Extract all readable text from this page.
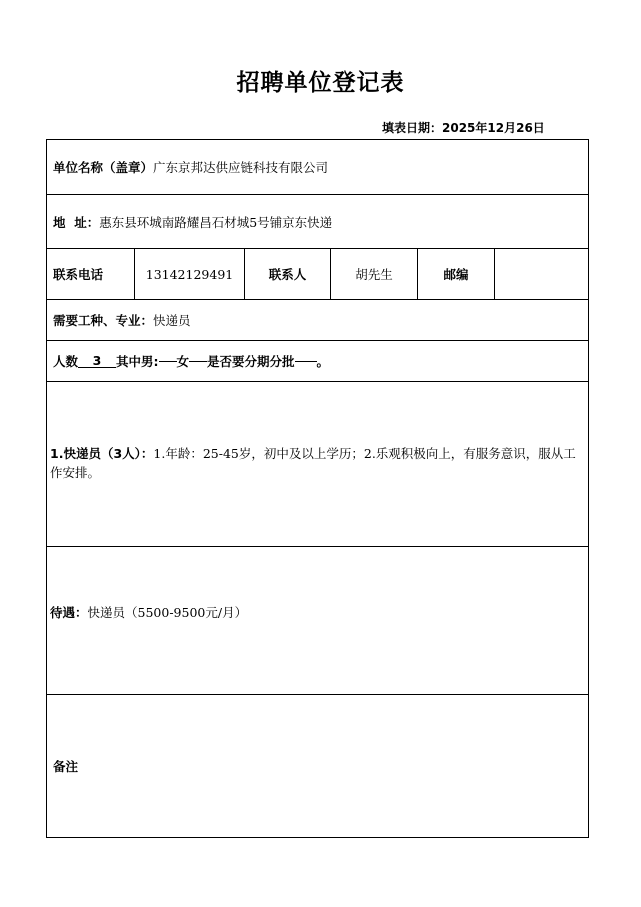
招聘单位登记表
填表日期：2025年12月26日
单位名称（盖章） 广东京邦达供应链科技有限公司
地  址： 惠东县环城南路耀昌石材城5号铺京东快递
联系电话	13142129491	联系人	胡先生	邮编
需要工种、专业： 快递员
人数	3	其中男: 女 是否要分期分批 。
1.快递员（3人）：1.年龄：25-45岁，初中及以上学历；2.乐观积极向上，有服务意识，服从工作安排。
待遇： 快递员（5500-9500元/月）
备注
